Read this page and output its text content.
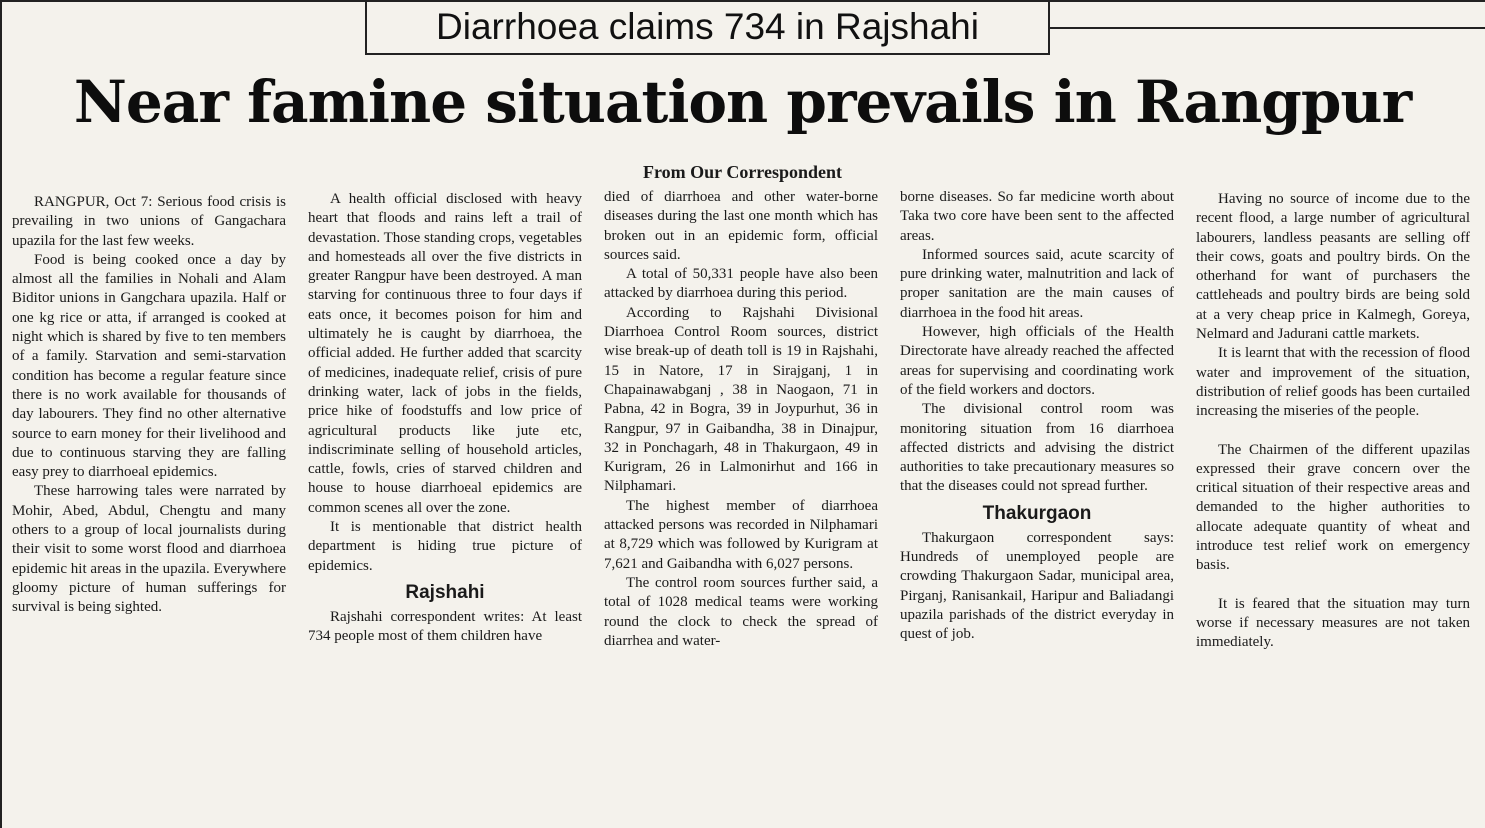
Diarrhoea claims 734 in Rajshahi
Near famine situation prevails in Rangpur
From Our Correspondent

RANGPUR, Oct 7: Serious food crisis is prevailing in two unions of Gangachara upazila for the last few weeks.

Food is being cooked once a day by almost all the families in Nohali and Alam Biditor unions in Gangchara upazila. Half or one kg rice or atta, if arranged is cooked at night which is shared by five to ten members of a family. Starvation and semi-starvation condition has become a regular feature since there is no work available for thousands of day labourers. They find no other alternative source to earn money for their livelihood and due to continuous starving they are falling easy prey to diarrhoeal epidemics.

These harrowing tales were narrated by Mohir, Abed, Abdul, Chengtu and many others to a group of local journalists during their visit to some worst flood and diarrhoea epidemic hit areas in the upazila. Everywhere gloomy picture of human sufferings for survival is being sighted.

A health official disclosed with heavy heart that floods and rains left a trail of devastation. Those standing crops, vegetables and homesteads all over the five districts in greater Rangpur have been destroyed. A man starving for continuous three to four days if eats once, it becomes poison for him and ultimately he is caught by diarrhoea, the official added. He further added that scarcity of medicines, inadequate relief, crisis of pure drinking water, lack of jobs in the fields, price hike of foodstuffs and low price of agricultural products like jute etc, indiscriminate selling of household articles, cattle, fowls, cries of starved children and house to house diarrhoeal epidemics are common scenes all over the zone.

It is mentionable that district health department is hiding true picture of epidemics.

Rajshahi

Rajshahi correspondent writes: At least 734 people most of them children have

died of diarrhoea and other water-borne diseases during the last one month which has broken out in an epidemic form, official sources said.

A total of 50,331 people have also been attacked by diarrhoea during this period.

According to Rajshahi Divisional Diarrhoea Control Room sources, district wise break-up of death toll is 19 in Rajshahi, 15 in Natore, 17 in Sirajganj, 1 in Chapainawabganj , 38 in Naogaon, 71 in Pabna, 42 in Bogra, 39 in Joypurhut, 36 in Rangpur, 97 in Gaibandha, 38 in Dinajpur, 32 in Ponchagarh, 48 in Thakurgaon, 49 in Kurigram, 26 in Lalmonirhut and 166 in Nilphamari.

The highest member of diarrhoea attacked persons was recorded in Nilphamari at 8,729 which was followed by Kurigram at 7,621 and Gaibandha with 6,027 persons.

The control room sources further said, a total of 1028 medical teams were working round the clock to check the spread of diarrhea and water-

borne diseases. So far medicine worth about Taka two core have been sent to the affected areas.

Informed sources said, acute scarcity of pure drinking water, malnutrition and lack of proper sanitation are the main causes of diarrhoea in the food hit areas.

However, high officials of the Health Directorate have already reached the affected areas for supervising and coordinating work of the field workers and doctors.

The divisional control room was monitoring situation from 16 diarrhoea affected districts and advising the district authorities to take precautionary measures so that the diseases could not spread further.

Thakurgaon

Thakurgaon correspondent says: Hundreds of unemployed people are crowding Thakurgaon Sadar, municipal area, Pirganj, Ranisankail, Haripur and Baliadangi upazila parishads of the district everyday in quest of job.

Having no source of income due to the recent flood, a large number of agricultural labourers, landless peasants are selling off their cows, goats and poultry birds. On the otherhand for want of purchasers the cattleheads and poultry birds are being sold at a very cheap price in Kalmegh, Goreya, Nelmard and Jadurani cattle markets.

It is learnt that with the recession of flood water and improvement of the situation, distribution of relief goods has been curtailed increasing the miseries of the people.

The Chairmen of the different upazilas expressed their grave concern over the critical situation of their respective areas and demanded to the higher authorities to allocate adequate quantity of wheat and introduce test relief work on emergency basis.

It is feared that the situation may turn worse if necessary measures are not taken immediately.
